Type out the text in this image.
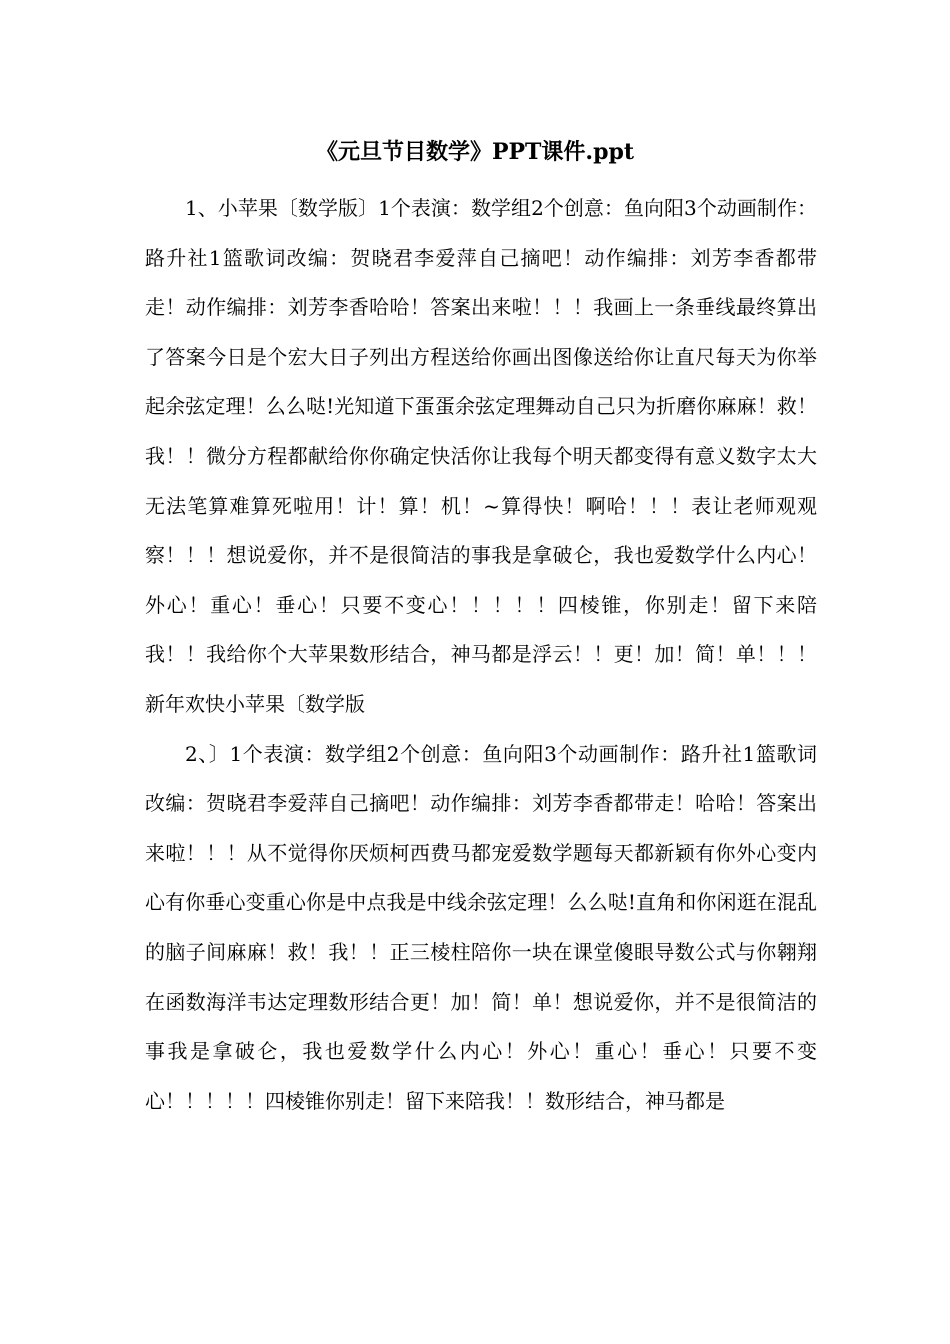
《元旦节目数学》PPT课件.ppt

1、小苹果〔数学版〕1个表演：数学组2个创意：鱼向阳3个动画制作：路升社1篮歌词改编：贺晓君李爱萍自己摘吧！动作编排：刘芳李香都带走！动作编排：刘芳李香哈哈！答案出来啦！！！我画上一条垂线最终算出了答案今日是个宏大日子列出方程送给你画出图像送给你让直尺每天为你举起余弦定理！么么哒!光知道下蛋蛋余弦定理舞动自己只为折磨你麻麻！救！我！！微分方程都献给你你确定快活你让我每个明天都变得有意义数字太大无法笔算难算死啦用！计！算！机！~算得快！啊哈！！！表让老师观观察！！！想说爱你，并不是很简洁的事我是拿破仑，我也爱数学什么内心！外心！重心！垂心！只要不变心！！！！！四棱锥，你别走！留下来陪我！！我给你个大苹果数形结合，神马都是浮云！！更！加！简！单！！！新年欢快小苹果〔数学版

2、〕1个表演：数学组2个创意：鱼向阳3个动画制作：路升社1篮歌词改编：贺晓君李爱萍自己摘吧！动作编排：刘芳李香都带走！哈哈！答案出来啦！！！从不觉得你厌烦柯西费马都宠爱数学题每天都新颖有你外心变内心有你垂心变重心你是中点我是中线余弦定理！么么哒!直角和你闲逛在混乱的脑子间麻麻！救！我！！正三棱柱陪你一块在课堂傻眼导数公式与你翱翔在函数海洋韦达定理数形结合更！加！简！单！想说爱你，并不是很简洁的事我是拿破仑，我也爱数学什么内心！外心！重心！垂心！只要不变心！！！！！四棱锥你别走！留下来陪我！！数形结合，神马都是
